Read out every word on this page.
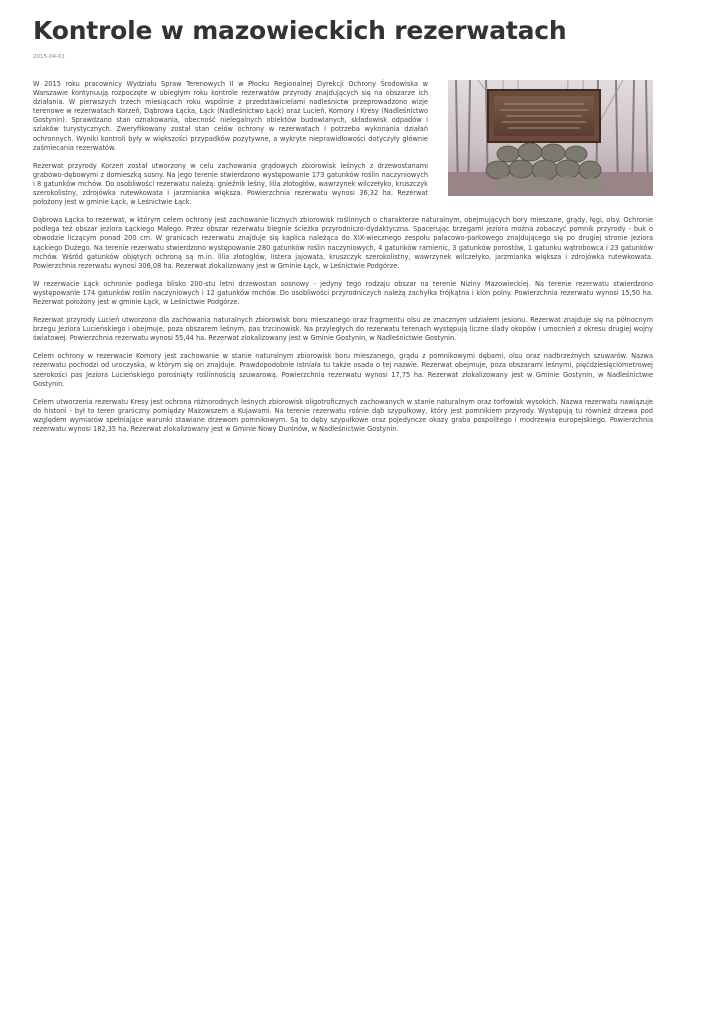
Kontrole w mazowieckich rezerwatach
2015-04-01

W 2015 roku pracownicy Wydziału Spraw Terenowych II w Płocku Regionalnej Dyrekcji Ochrony Środowiska w Warszawie kontynuują rozpoczęte w ubiegłym roku kontrole rezerwatów przyrody znajdujących się na obszarze ich działania. W pierwszych trzech miesiącach roku wspólnie z przedstawicielami nadleśnictw przeprowadzono wizje terenowe w rezerwatach Korzeń, Dąbrowa Łącka, Łąck (Nadleśnictwo Łąck) oraz Lucień, Komory i Kresy (Nadleśnictwo Gostynin). Sprawdzano stan oznakowania, obecność nielegalnych obiektów budowlanych, składowisk odpadów i szlaków turystycznych. Zweryfikowany został stan celów ochrony w rezerwatach i potrzeba wykonania działań ochronnych. Wyniki kontroli były w większości przypadków pozytywne, a wykryte nieprawidłowości dotyczyły głównie zaśmiecania rezerwatów.

Rezerwat przyrody Korzeń został utworzony w celu zachowania grądowych zbiorowisk leśnych z drzewostanami grabowo-dębowymi z domieszką sosny. Na jego terenie stwierdzono występowanie 173 gatunków roślin naczyniowych i 8 gatunków mchów. Do osobliwości rezerwatu należą: gnieźnik leśny, lilia złotogłów, wawrzynek wilczełyko, kruszczyk szerokolistny, zdrojówka rutewkowata i jarzmianka większa. Powierzchnia rezerwatu wynosi 36,32 ha. Rezerwat położony jest w gminie Łąck, w Leśnictwie Łąck.

Dąbrowa Łącka to rezerwat, w którym celem ochrony jest zachowanie licznych zbiorowisk roślinnych o charakterze naturalnym, obejmujących bory mieszane, grądy, łęgi, olsy. Ochronie podlega też obszar jeziora Łąckiego Małego. Przez obszar rezerwatu biegnie ścieżka przyrodniczo-dydaktyczna. Spacerując brzegami jeziora można zobaczyć pomnik przyrody - buk o obwodzie liczącym ponad 200 cm. W granicach rezerwatu znajduje się kaplica należąca do XIX-wiecznego zespołu pałacowo-parkowego znajdującego się po drugiej stronie jeziora Łąckiego Dużego. Na terenie rezerwatu stwierdzono występowanie 280 gatunków roślin naczyniowych, 4 gatunków ramienic, 3 gatunków porostów, 1 gatunku wątrobowca i 23 gatunków mchów. Wśród gatunków objętych ochroną są m.in. lilia złotogłów, listera jajowata, kruszczyk szerokolistny, wawrzynek wilczełyko, jarzmianka większa i zdrojówka rutewkowata. Powierzchnia rezerwatu wynosi 306,08 ha. Rezerwat zlokalizowany jest w Gminie Łąck, w Leśnictwie Podgórze.

W rezerwacie Łąck ochronie podlega blisko 200-stu letni drzewostan sosnowy - jedyny tego rodzaju obszar na terenie Niziny Mazowieckiej. Na terenie rezerwatu stwierdzono występowanie 174 gatunków roślin naczyniowych i 12 gatunków mchów. Do osobliwości przyrodniczych należą zachyłka trójkątna i klon polny. Powierzchnia rezerwatu wynosi 15,50 ha. Rezerwat położony jest w gminie Łąck, w Leśnictwie Podgórze.

Rezerwat przyrody Lucień utworzono dla zachowania naturalnych zbiorowisk boru mieszanego oraz fragmentu olsu ze znacznym udziałem jesionu. Rezerwat znajduje się na północnym brzegu Jeziora Lucieńskiego i obejmuje, poza obszarem leśnym, pas trzcinowisk. Na przyległych do rezerwatu terenach występują liczne ślady okopów i umocnień z okresu drugiej wojny światowej. Powierzchnia rezerwatu wynosi 55,44 ha. Rezerwat zlokalizowany jest w Gminie Gostynin, w Nadleśnictwie Gostynin.

Celem ochrony w rezerwacie Komory jest zachowanie w stanie naturalnym zbiorowisk boru mieszanego, grądu z pomnikowymi dębami, olsu oraz nadbrzeżnych szuwarów. Nazwa rezerwatu pochodzi od uroczyska, w którym się on znajduje. Prawdopodobnie istniała tu także osada o tej nazwie. Rezerwat obejmuje, poza obszarami leśnymi, pięćdziesięciometrowej szerokości pas Jeziora Lucieńskiego porośnięty roślinnością szuwarową. Powierzchnia rezerwatu wynosi 17,75 ha. Rezerwat zlokalizowany jest w Gminie Gostynin, w Nadleśnictwie Gostynin.

Celem utworzenia rezerwatu Kresy jest ochrona różnorodnych leśnych zbiorowisk oligotroficznych zachowanych w stanie naturalnym oraz torfowisk wysokich. Nazwa rezerwatu nawiązuje do historii - był to teren graniczny pomiędzy Mazowszem a Kujawami. Na terenie rezerwatu rośnie dąb szypułkowy, który jest pomnikiem przyrody. Występują tu również drzewa pod względem wymiarów spełniające warunki stawiane drzewom pomnikowym. Są to dęby szypułkowe oraz pojedyncze okazy graba pospolitego i modrzewia europejskiego. Powierzchnia rezerwatu wynosi 182,35 ha. Rezerwat zlokalizowany jest w Gminie Nowy Duninów, w Nadleśnictwie Gostynin.
